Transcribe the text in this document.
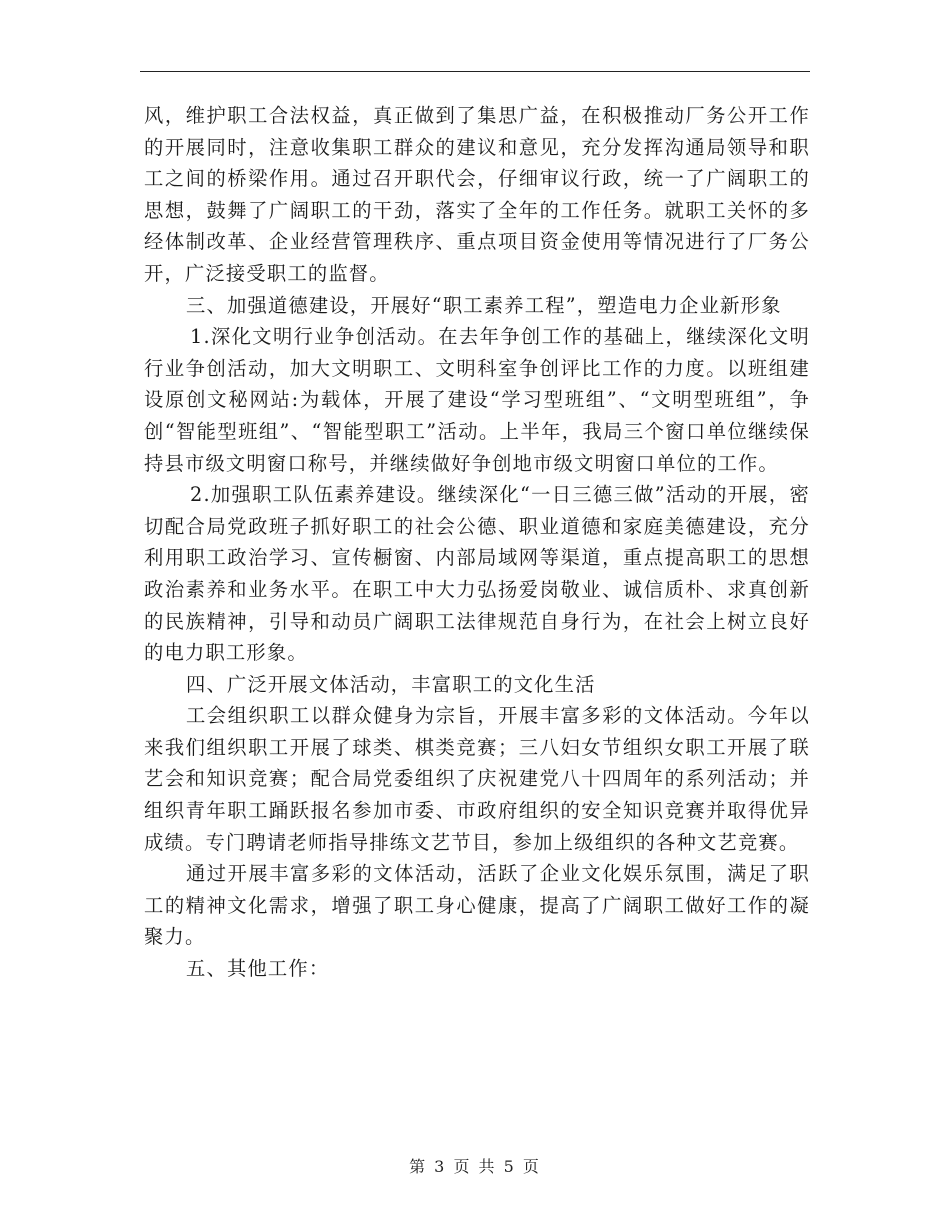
风，维护职工合法权益，真正做到了集思广益，在积极推动厂务公开工作的开展同时，注意收集职工群众的建议和意见，充分发挥沟通局领导和职工之间的桥梁作用。通过召开职代会，仔细审议行政，统一了广阔职工的思想，鼓舞了广阔职工的干劲，落实了全年的工作任务。就职工关怀的多经体制改革、企业经营管理秩序、重点项目资金使用等情况进行了厂务公开，广泛接受职工的监督。

三、加强道德建设，开展好“职工素养工程”，塑造电力企业新形象

1.深化文明行业争创活动。在去年争创工作的基础上，继续深化文明行业争创活动，加大文明职工、文明科室争创评比工作的力度。以班组建设原创文秘网站:为载体，开展了建设“学习型班组”、“文明型班组”，争创“智能型班组”、“智能型职工”活动。上半年，我局三个窗口单位继续保持县市级文明窗口称号，并继续做好争创地市级文明窗口单位的工作。

2.加强职工队伍素养建设。继续深化“一日三德三做”活动的开展，密切配合局党政班子抓好职工的社会公德、职业道德和家庭美德建设，充分利用职工政治学习、宣传橱窗、内部局域网等渠道，重点提高职工的思想政治素养和业务水平。在职工中大力弘扬爱岗敬业、诚信质朴、求真创新的民族精神，引导和动员广阔职工法律规范自身行为，在社会上树立良好的电力职工形象。

四、广泛开展文体活动，丰富职工的文化生活

工会组织职工以群众健身为宗旨，开展丰富多彩的文体活动。今年以来我们组织职工开展了球类、棋类竞赛；三八妇女节组织女职工开展了联艺会和知识竞赛；配合局党委组织了庆祝建党八十四周年的系列活动；并组织青年职工踊跃报名参加市委、市政府组织的安全知识竞赛并取得优异成绩。专门聘请老师指导排练文艺节目，参加上级组织的各种文艺竞赛。

通过开展丰富多彩的文体活动，活跃了企业文化娱乐氛围，满足了职工的精神文化需求，增强了职工身心健康，提高了广阔职工做好工作的凝聚力。

五、其他工作：

第 3 页 共 5 页
